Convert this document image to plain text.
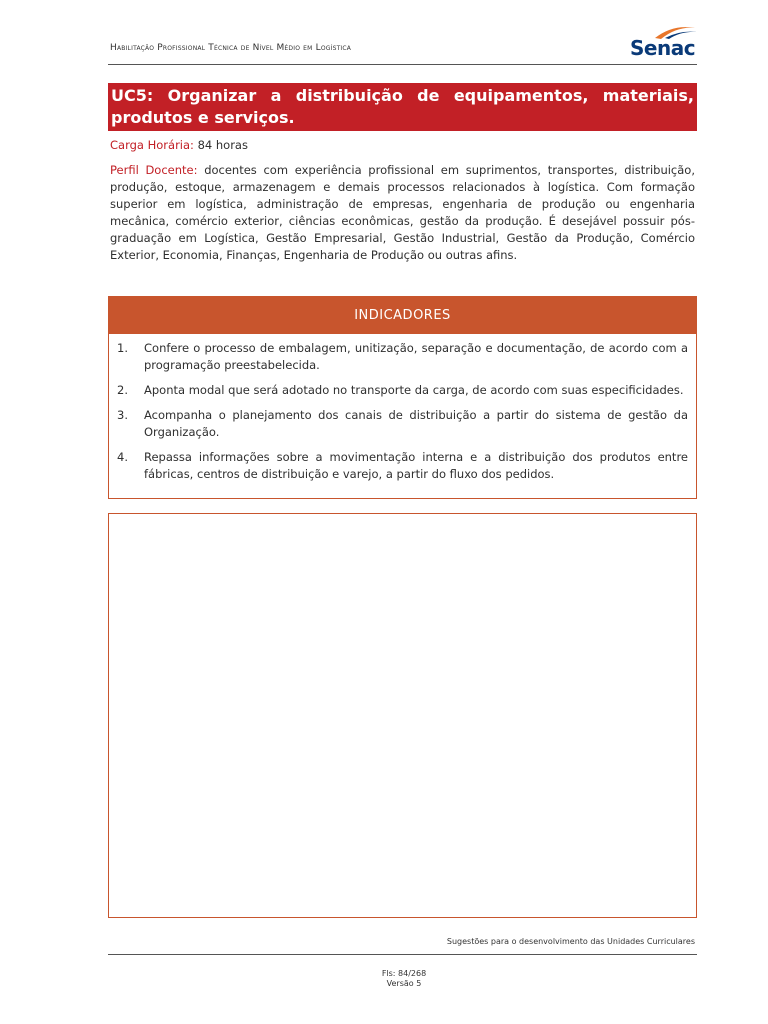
Habilitação Profissional Técnica de Nível Médio em Logística	Senac
UC5: Organizar a distribuição de equipamentos, materiais, produtos e serviços.
Carga Horária: 84 horas
Perfil Docente: docentes com experiência profissional em suprimentos, transportes, distribuição, produção, estoque, armazenagem e demais processos relacionados à logística. Com formação superior em logística, administração de empresas, engenharia de produção ou engenharia mecânica, comércio exterior, ciências econômicas, gestão da produção. É desejável possuir pós-graduação em Logística, Gestão Empresarial, Gestão Industrial, Gestão da Produção, Comércio Exterior, Economia, Finanças, Engenharia de Produção ou outras afins.
INDICADORES
1.	Confere o processo de embalagem, unitização, separação e documentação, de acordo com a programação preestabelecida.
2.	Aponta modal que será adotado no transporte da carga, de acordo com suas especificidades.
3.	Acompanha o planejamento dos canais de distribuição a partir do sistema de gestão da Organização.
4.	Repassa informações sobre a movimentação interna e a distribuição dos produtos entre fábricas, centros de distribuição e varejo, a partir do fluxo dos pedidos.
Sugestões para o desenvolvimento das Unidades Curriculares
Fls: 84/268
Versão 5
